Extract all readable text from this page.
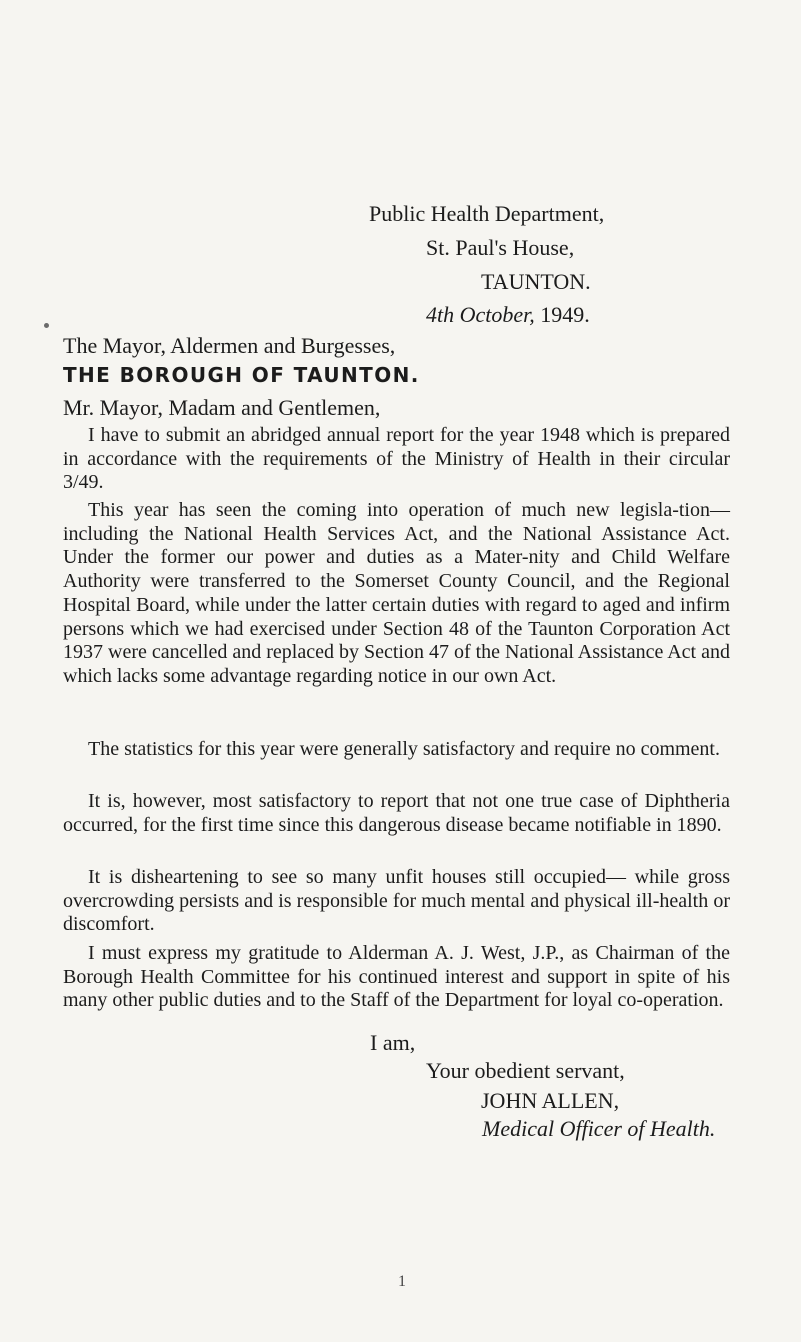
Public Health Department,
St. Paul's House,
TAUNTON.
4th October, 1949.
The Mayor, Aldermen and Burgesses,
THE BOROUGH OF TAUNTON.
Mr. Mayor, Madam and Gentlemen,

I have to submit an abridged annual report for the year 1948 which is prepared in accordance with the requirements of the Ministry of Health in their circular 3/49.

This year has seen the coming into operation of much new legisla-tion—including the National Health Services Act, and the National Assistance Act. Under the former our power and duties as a Mater-nity and Child Welfare Authority were transferred to the Somerset County Council, and the Regional Hospital Board, while under the latter certain duties with regard to aged and infirm persons which we had exercised under Section 48 of the Taunton Corporation Act 1937 were cancelled and replaced by Section 47 of the National Assistance Act and which lacks some advantage regarding notice in our own Act.

The statistics for this year were generally satisfactory and require no comment.

It is, however, most satisfactory to report that not one true case of Diphtheria occurred, for the first time since this dangerous disease became notifiable in 1890.

It is disheartening to see so many unfit houses still occupied— while gross overcrowding persists and is responsible for much mental and physical ill-health or discomfort.

I must express my gratitude to Alderman A. J. West, J.P., as Chairman of the Borough Health Committee for his continued interest and support in spite of his many other public duties and to the Staff of the Department for loyal co-operation.

I am,
Your obedient servant,
JOHN ALLEN,
Medical Officer of Health.
1
